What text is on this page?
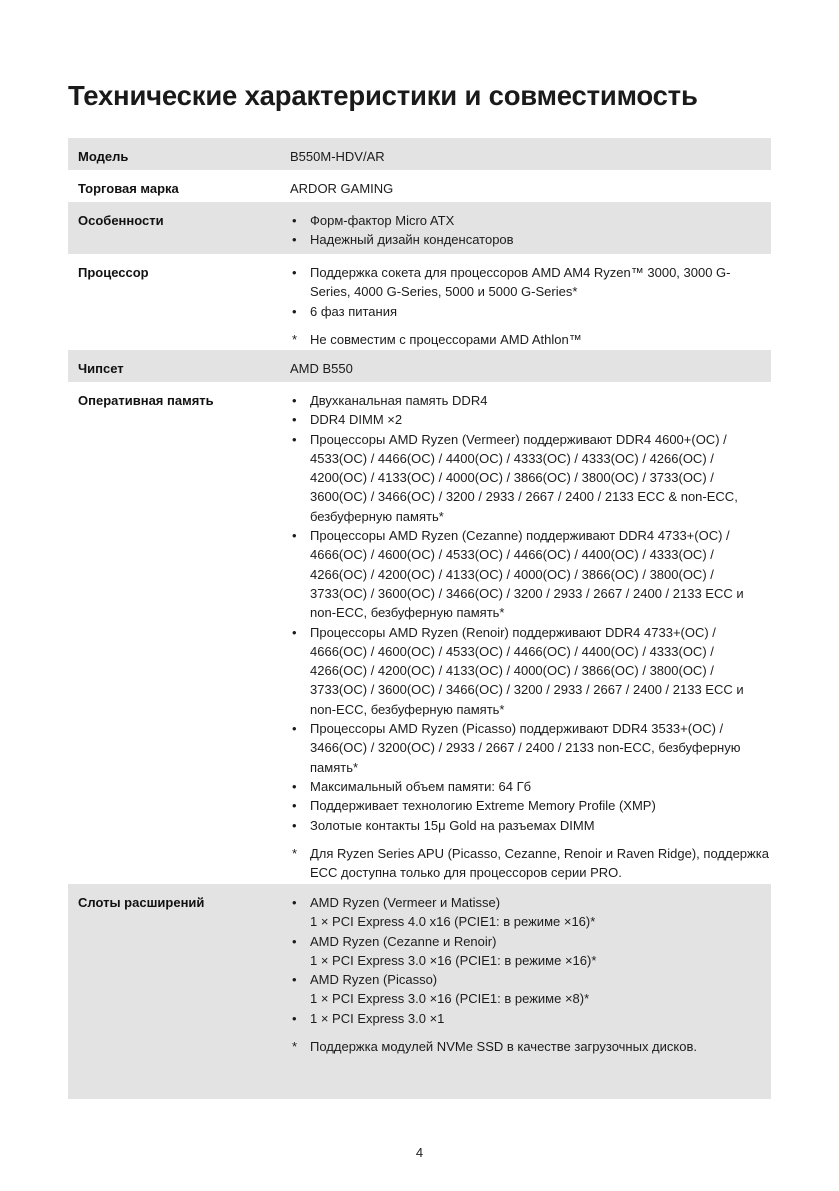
Технические характеристики и совместимость
Модель	B550M-HDV/AR
Торговая марка	ARDOR GAMING
Особенности	• Форм-фактор Micro ATX
• Надежный дизайн конденсаторов
Процессор	• Поддержка сокета для процессоров AMD AM4 Ryzen™ 3000, 3000 G-Series, 4000 G-Series, 5000 и 5000 G-Series*
• 6 фаз питания
* Не совместим с процессорами AMD Athlon™
Чипсет	AMD B550
Оперативная память	• Двухканальная память DDR4
• DDR4 DIMM ×2
• Процессоры AMD Ryzen (Vermeer) поддерживают DDR4 4600+(OC) / 4533(OC) / 4466(OC) / 4400(OC) / 4333(OC) / 4333(OC) / 4266(OC) / 4200(OC) / 4133(OC) / 4000(OC) / 3866(OC) / 3800(OC) / 3733(OC) / 3600(OC) / 3466(OC) / 3200 / 2933 / 2667 / 2400 / 2133 ECC & non-ECC, безбуферную память*
• Процессоры AMD Ryzen (Cezanne) поддерживают DDR4 4733+(OC) / 4666(OC) / 4600(OC) / 4533(OC) / 4466(OC) / 4400(OC) / 4333(OC) / 4266(OC) / 4200(OC) / 4133(OC) / 4000(OC) / 3866(OC) / 3800(OC) / 3733(OC) / 3600(OC) / 3466(OC) / 3200 / 2933 / 2667 / 2400 / 2133 ECC и non-ECC, безбуферную память*
• Процессоры AMD Ryzen (Renoir) поддерживают DDR4 4733+(OC) / 4666(OC) / 4600(OC) / 4533(OC) / 4466(OC) / 4400(OC) / 4333(OC) / 4266(OC) / 4200(OC) / 4133(OC) / 4000(OC) / 3866(OC) / 3800(OC) / 3733(OC) / 3600(OC) / 3466(OC) / 3200 / 2933 / 2667 / 2400 / 2133 ECC и non-ECC, безбуферную память*
• Процессоры AMD Ryzen (Picasso) поддерживают DDR4 3533+(OC) / 3466(OC) / 3200(OC) / 2933 / 2667 / 2400 / 2133 non-ECC, безбуферную память*
• Максимальный объем памяти: 64 Гб
• Поддерживает технологию Extreme Memory Profile (XMP)
• Золотые контакты 15μ Gold на разъемах DIMM
* Для Ryzen Series APU (Picasso, Cezanne, Renoir и Raven Ridge), поддержка ECC доступна только для процессоров серии PRO.
Слоты расширений	• AMD Ryzen (Vermeer и Matisse)
1 × PCI Express 4.0 x16 (PCIE1: в режиме ×16)*
• AMD Ryzen (Cezanne и Renoir)
1 × PCI Express 3.0 ×16 (PCIE1: в режиме ×16)*
• AMD Ryzen (Picasso)
1 × PCI Express 3.0 ×16 (PCIE1: в режиме ×8)*
• 1 × PCI Express 3.0 ×1
* Поддержка модулей NVMe SSD в качестве загрузочных дисков.
4
